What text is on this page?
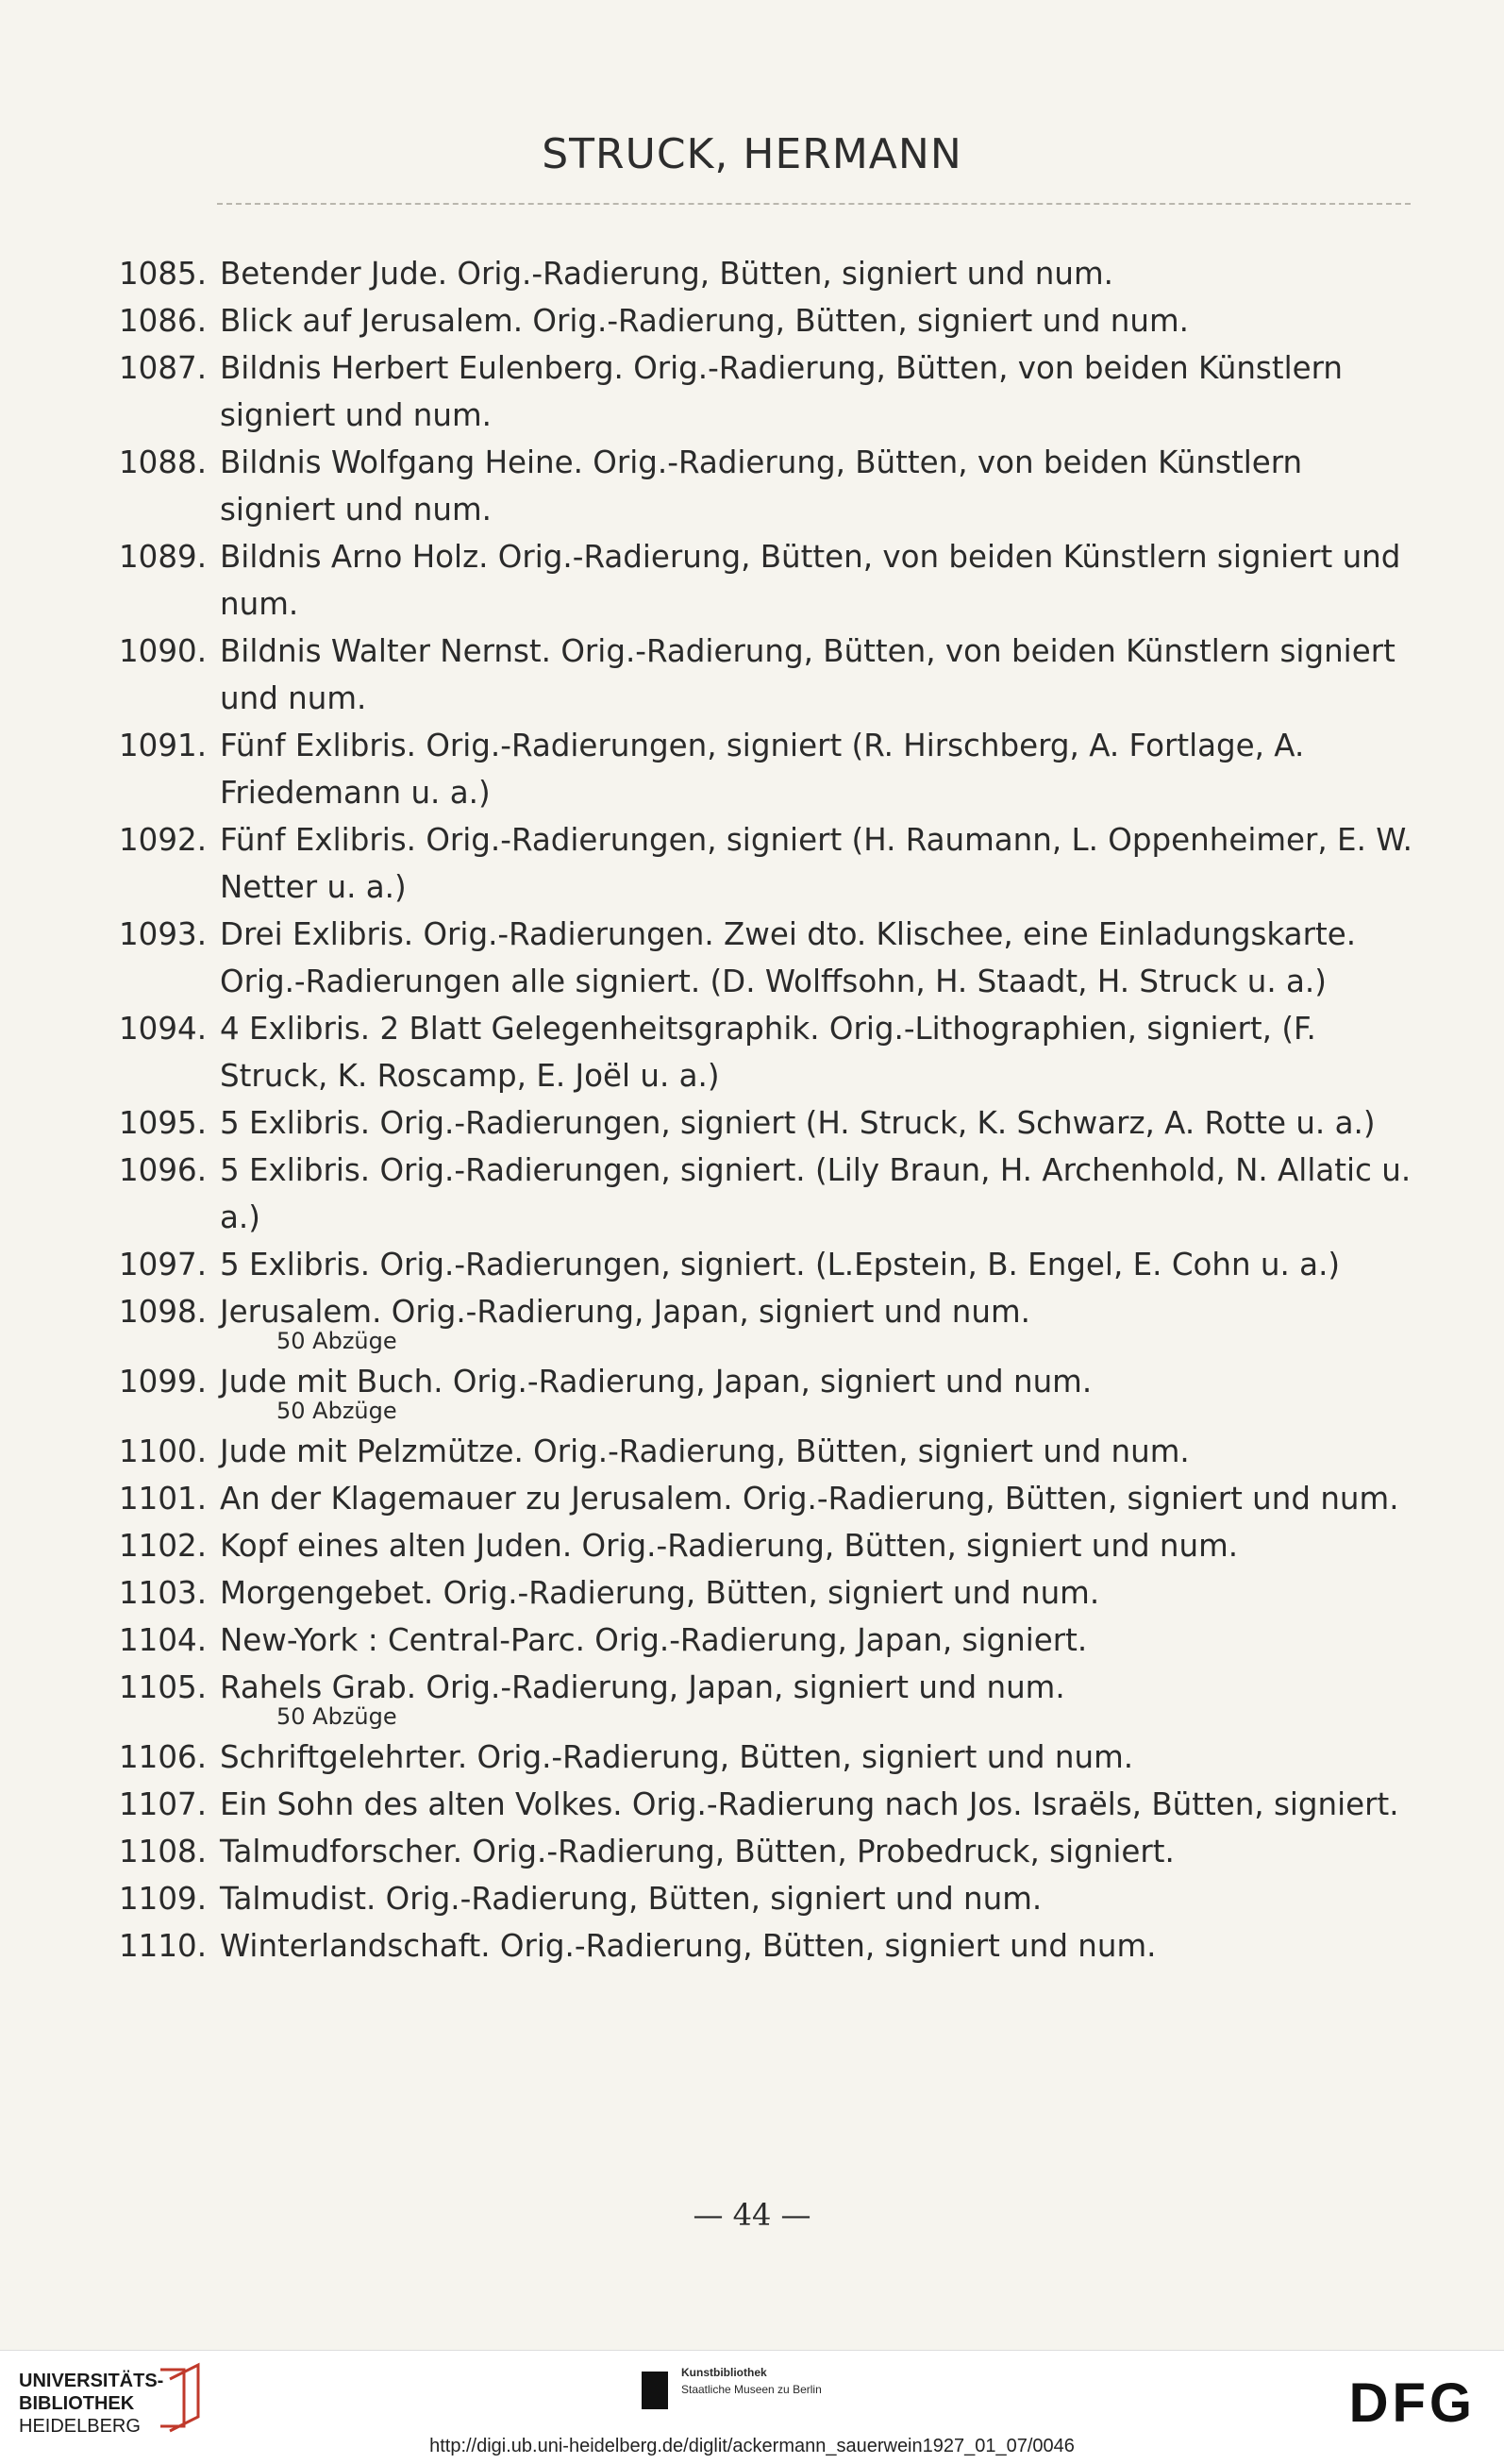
STRUCK, HERMANN
1085. Betender Jude. Orig.-Radierung, Bütten, signiert und num.
1086. Blick auf Jerusalem. Orig.-Radierung, Bütten, signiert und num.
1087. Bildnis Herbert Eulenberg. Orig.-Radierung, Bütten, von beiden Künstlern signiert und num.
1088. Bildnis Wolfgang Heine. Orig.-Radierung, Bütten, von beiden Künstlern signiert und num.
1089. Bildnis Arno Holz. Orig.-Radierung, Bütten, von beiden Künstlern signiert und num.
1090. Bildnis Walter Nernst. Orig.-Radierung, Bütten, von beiden Künstlern signiert und num.
1091. Fünf Exlibris. Orig.-Radierungen, signiert (R. Hirschberg, A. Fortlage, A. Friedemann u. a.)
1092. Fünf Exlibris. Orig.-Radierungen, signiert (H. Raumann, L. Oppenheimer, E. W. Netter u. a.)
1093. Drei Exlibris. Orig.-Radierungen. Zwei dto. Klischee, eine Einladungskarte. Orig.-Radierungen alle signiert. (D. Wolffsohn, H. Staadt, H. Struck u. a.)
1094. 4 Exlibris. 2 Blatt Gelegenheitsgraphik. Orig.-Lithographien, signiert, (F. Struck, K. Roscamp, E. Joël u. a.)
1095. 5 Exlibris. Orig.-Radierungen, signiert (H. Struck, K. Schwarz, A. Rotte u. a.)
1096. 5 Exlibris. Orig.-Radierungen, signiert. (Lily Braun, H. Archenhold, N. Allatic u. a.)
1097. 5 Exlibris. Orig.-Radierungen, signiert. (L.Epstein, B. Engel, E. Cohn u. a.)
1098. Jerusalem. Orig.-Radierung, Japan, signiert und num.
50 Abzüge
1099. Jude mit Buch. Orig.-Radierung, Japan, signiert und num.
50 Abzüge
1100. Jude mit Pelzmütze. Orig.-Radierung, Bütten, signiert und num.
1101. An der Klagemauer zu Jerusalem. Orig.-Radierung, Bütten, signiert und num.
1102. Kopf eines alten Juden. Orig.-Radierung, Bütten, signiert und num.
1103. Morgengebet. Orig.-Radierung, Bütten, signiert und num.
1104. New-York : Central-Parc. Orig.-Radierung, Japan, signiert.
1105. Rahels Grab. Orig.-Radierung, Japan, signiert und num.
50 Abzüge
1106. Schriftgelehrter. Orig.-Radierung, Bütten, signiert und num.
1107. Ein Sohn des alten Volkes. Orig.-Radierung nach Jos. Israëls, Bütten, signiert.
1108. Talmudforscher. Orig.-Radierung, Bütten, Probedruck, signiert.
1109. Talmudist. Orig.-Radierung, Bütten, signiert und num.
1110. Winterlandschaft. Orig.-Radierung, Bütten, signiert und num.
— 44 —
UNIVERSITÄTS-
BIBLIOTHEK
HEIDELBERG
Kunstbibliothek
Staatliche Museen zu Berlin	DFG
http://digi.ub.uni-heidelberg.de/diglit/ackermann_sauerwein1927_01_07/0046
